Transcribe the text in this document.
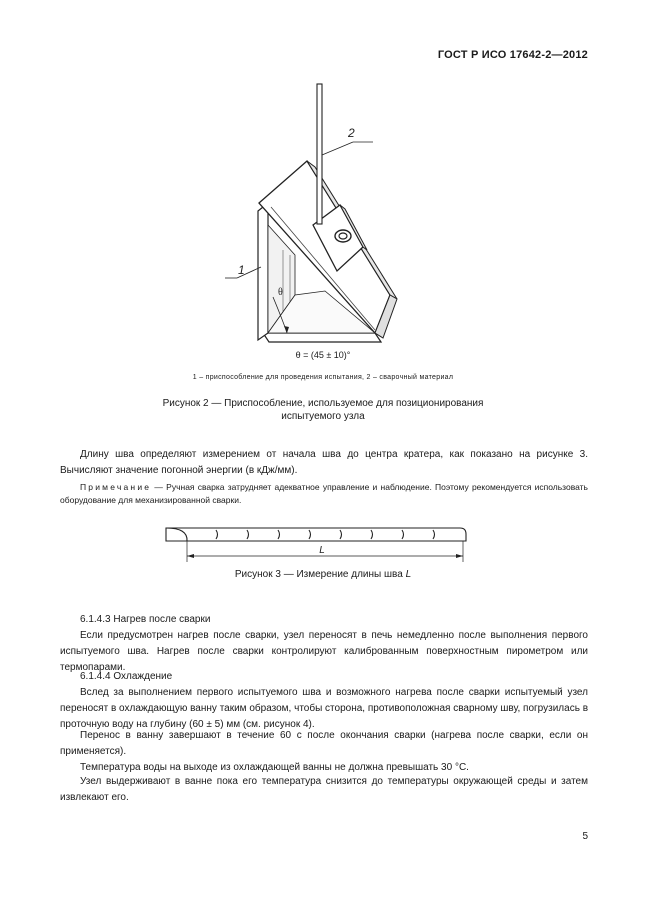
ГОСТ Р ИСО 17642-2—2012
2
1
θ
θ = (45 ± 10)°
1 – приспособление для проведения испытания, 2 – сварочный материал
Рисунок 2 — Приспособление, используемое для позиционирования
испытуемого узла
Длину шва определяют измерением от начала шва до центра кратера, как показано на рисунке 3. Вычисляют значение погонной энергии (в кДж/мм).
Примечание — Ручная сварка затрудняет адекватное управление и наблюдение. Поэтому рекомендуется использовать оборудование для механизированной сварки.
L
Рисунок 3 — Измерение длины шва L
6.1.4.3 Нагрев после сварки
Если предусмотрен нагрев после сварки, узел переносят в печь немедленно после выполнения первого испытуемого шва. Нагрев после сварки контролируют калиброванным поверхностным пирометром или термопарами.
6.1.4.4 Охлаждение
Вслед за выполнением первого испытуемого шва и возможного нагрева после сварки испытуемый узел переносят в охлаждающую ванну таким образом, чтобы сторона, противоположная сварному шву, погрузилась в проточную воду на глубину (60 ± 5) мм (см. рисунок 4).
Перенос в ванну завершают в течение 60 с после окончания сварки (нагрева после сварки, если он применяется).
Температура воды на выходе из охлаждающей ванны не должна превышать 30 °С.
Узел выдерживают в ванне пока его температура снизится до температуры окружающей среды и затем извлекают его.
5
